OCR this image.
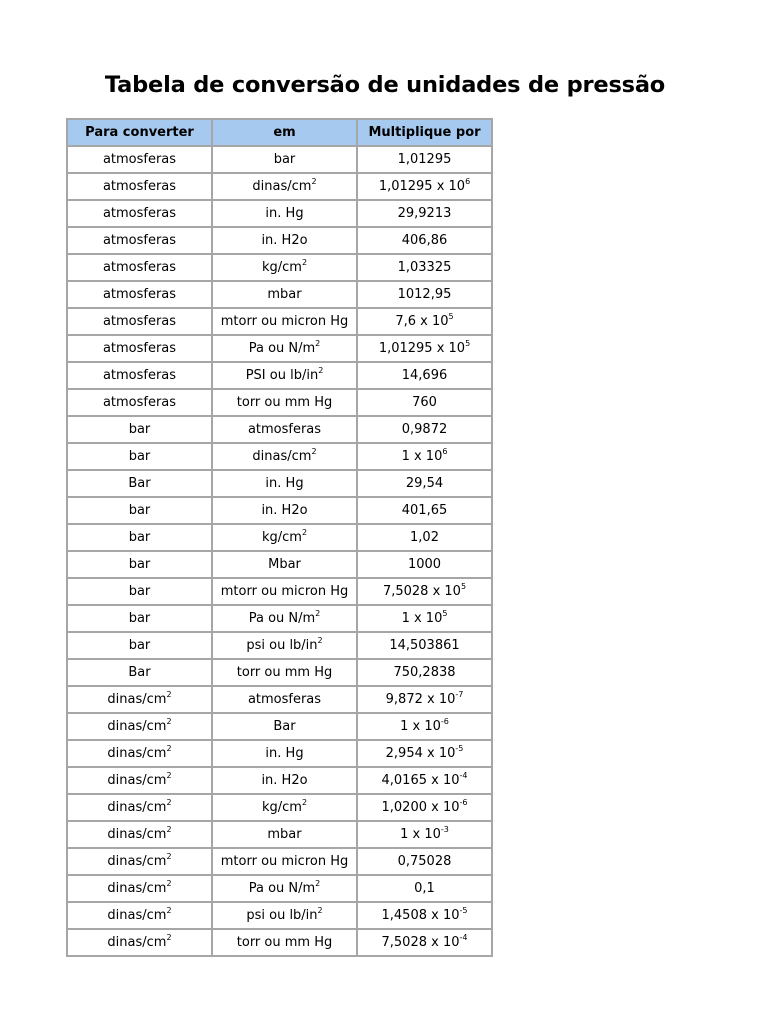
Tabela de conversão de unidades de pressão
Para converter	em	Multiplique por
atmosferas	bar	1,01295
atmosferas	dinas/$cm^2$	1,01295 x $10^6$
atmosferas	in. Hg	29,9213
atmosferas	in. H2o	406,86
atmosferas	$kg/cm^2$	1,03325
atmosferas	mbar	1012,95
atmosferas	mtorr ou micron Hg	7,6 x $10^5$
atmosferas	Pa ou $N/m^2$	1,01295 x $10^5$
atmosferas	PSI ou $lb/in^2$	14,696
atmosferas	torr ou mm Hg	760
bar	atmosferas	0,9872
bar	dinas/$cm^2$	1 x $10^6$
Bar	in. Hg	29,54
bar	in. H2o	401,65
bar	$kg/cm^2$	1,02
bar	Mbar	1000
bar	mtorr ou micron Hg	7,5028 x $10^5$
bar	Pa ou $N/m^2$	1 x $10^5$
bar	psi ou $lb/in^2$	14,503861
Bar	torr ou mm Hg	750,2838
dinas/$cm^2$	atmosferas	9,872 x $10^{-7}$
dinas/$cm^2$	Bar	1 x $10^{-6}$
dinas/$cm^2$	in. Hg	2,954 x $10^{-5}$
dinas/$cm^2$	in. H2o	4,0165 x $10^{-4}$
dinas/$cm^2$	$kg/cm^2$	1,0200 x $10^{-6}$
dinas/$cm^2$	mbar	1 x $10^{-3}$
dinas/$cm^2$	mtorr ou micron Hg	0,75028
dinas/$cm^2$	Pa ou $N/m^2$	0,1
dinas/$cm^2$	psi ou $lb/in^2$	1,4508 x $10^{-5}$
dinas/$cm^2$	torr ou mm Hg	7,5028 x $10^{-4}$
